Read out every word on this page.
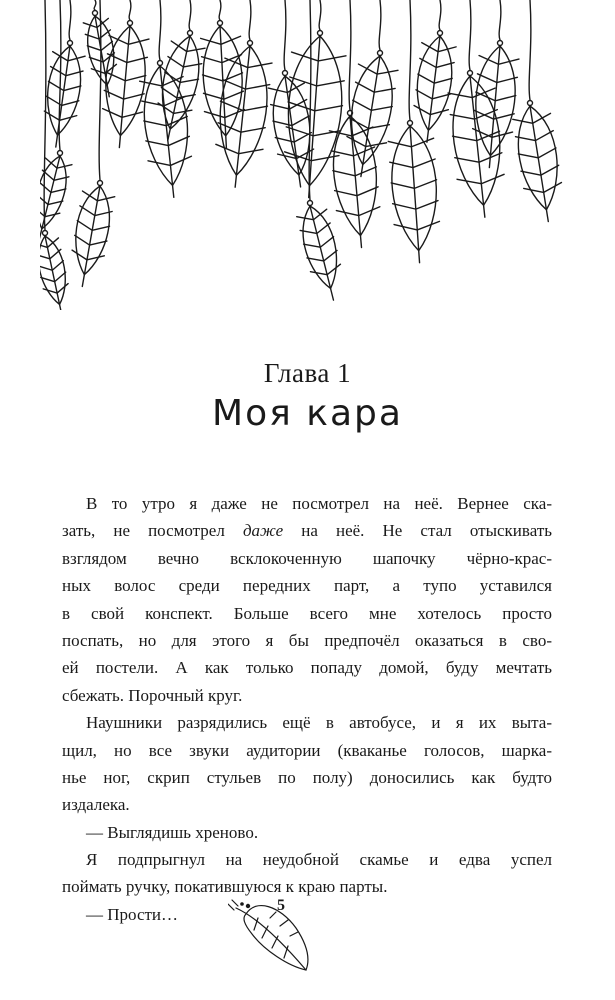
Глава 1
Моя кара
В то утро я даже не посмотрел на неё. Вернее ска-
зать, не посмотрел даже на неё. Не стал отыскивать
взглядом вечно всклокоченную шапочку чёрно-крас-
ных волос среди передних парт, а тупо уставился
в свой конспект. Больше всего мне хотелось просто
поспать, но для этого я бы предпочёл оказаться в сво-
ей постели. А как только попаду домой, буду мечтать
сбежать. Порочный круг.
Наушники разрядились ещё в автобусе, и я их выта-
щил, но все звуки аудитории (кваканье голосов, шарка-
нье ног, скрип стульев по полу) доносились как будто
издалека.
— Выглядишь хреново.
Я подпрыгнул на неудобной скамье и едва успел
поймать ручку, покатившуюся к краю парты.
— Прости…	5
